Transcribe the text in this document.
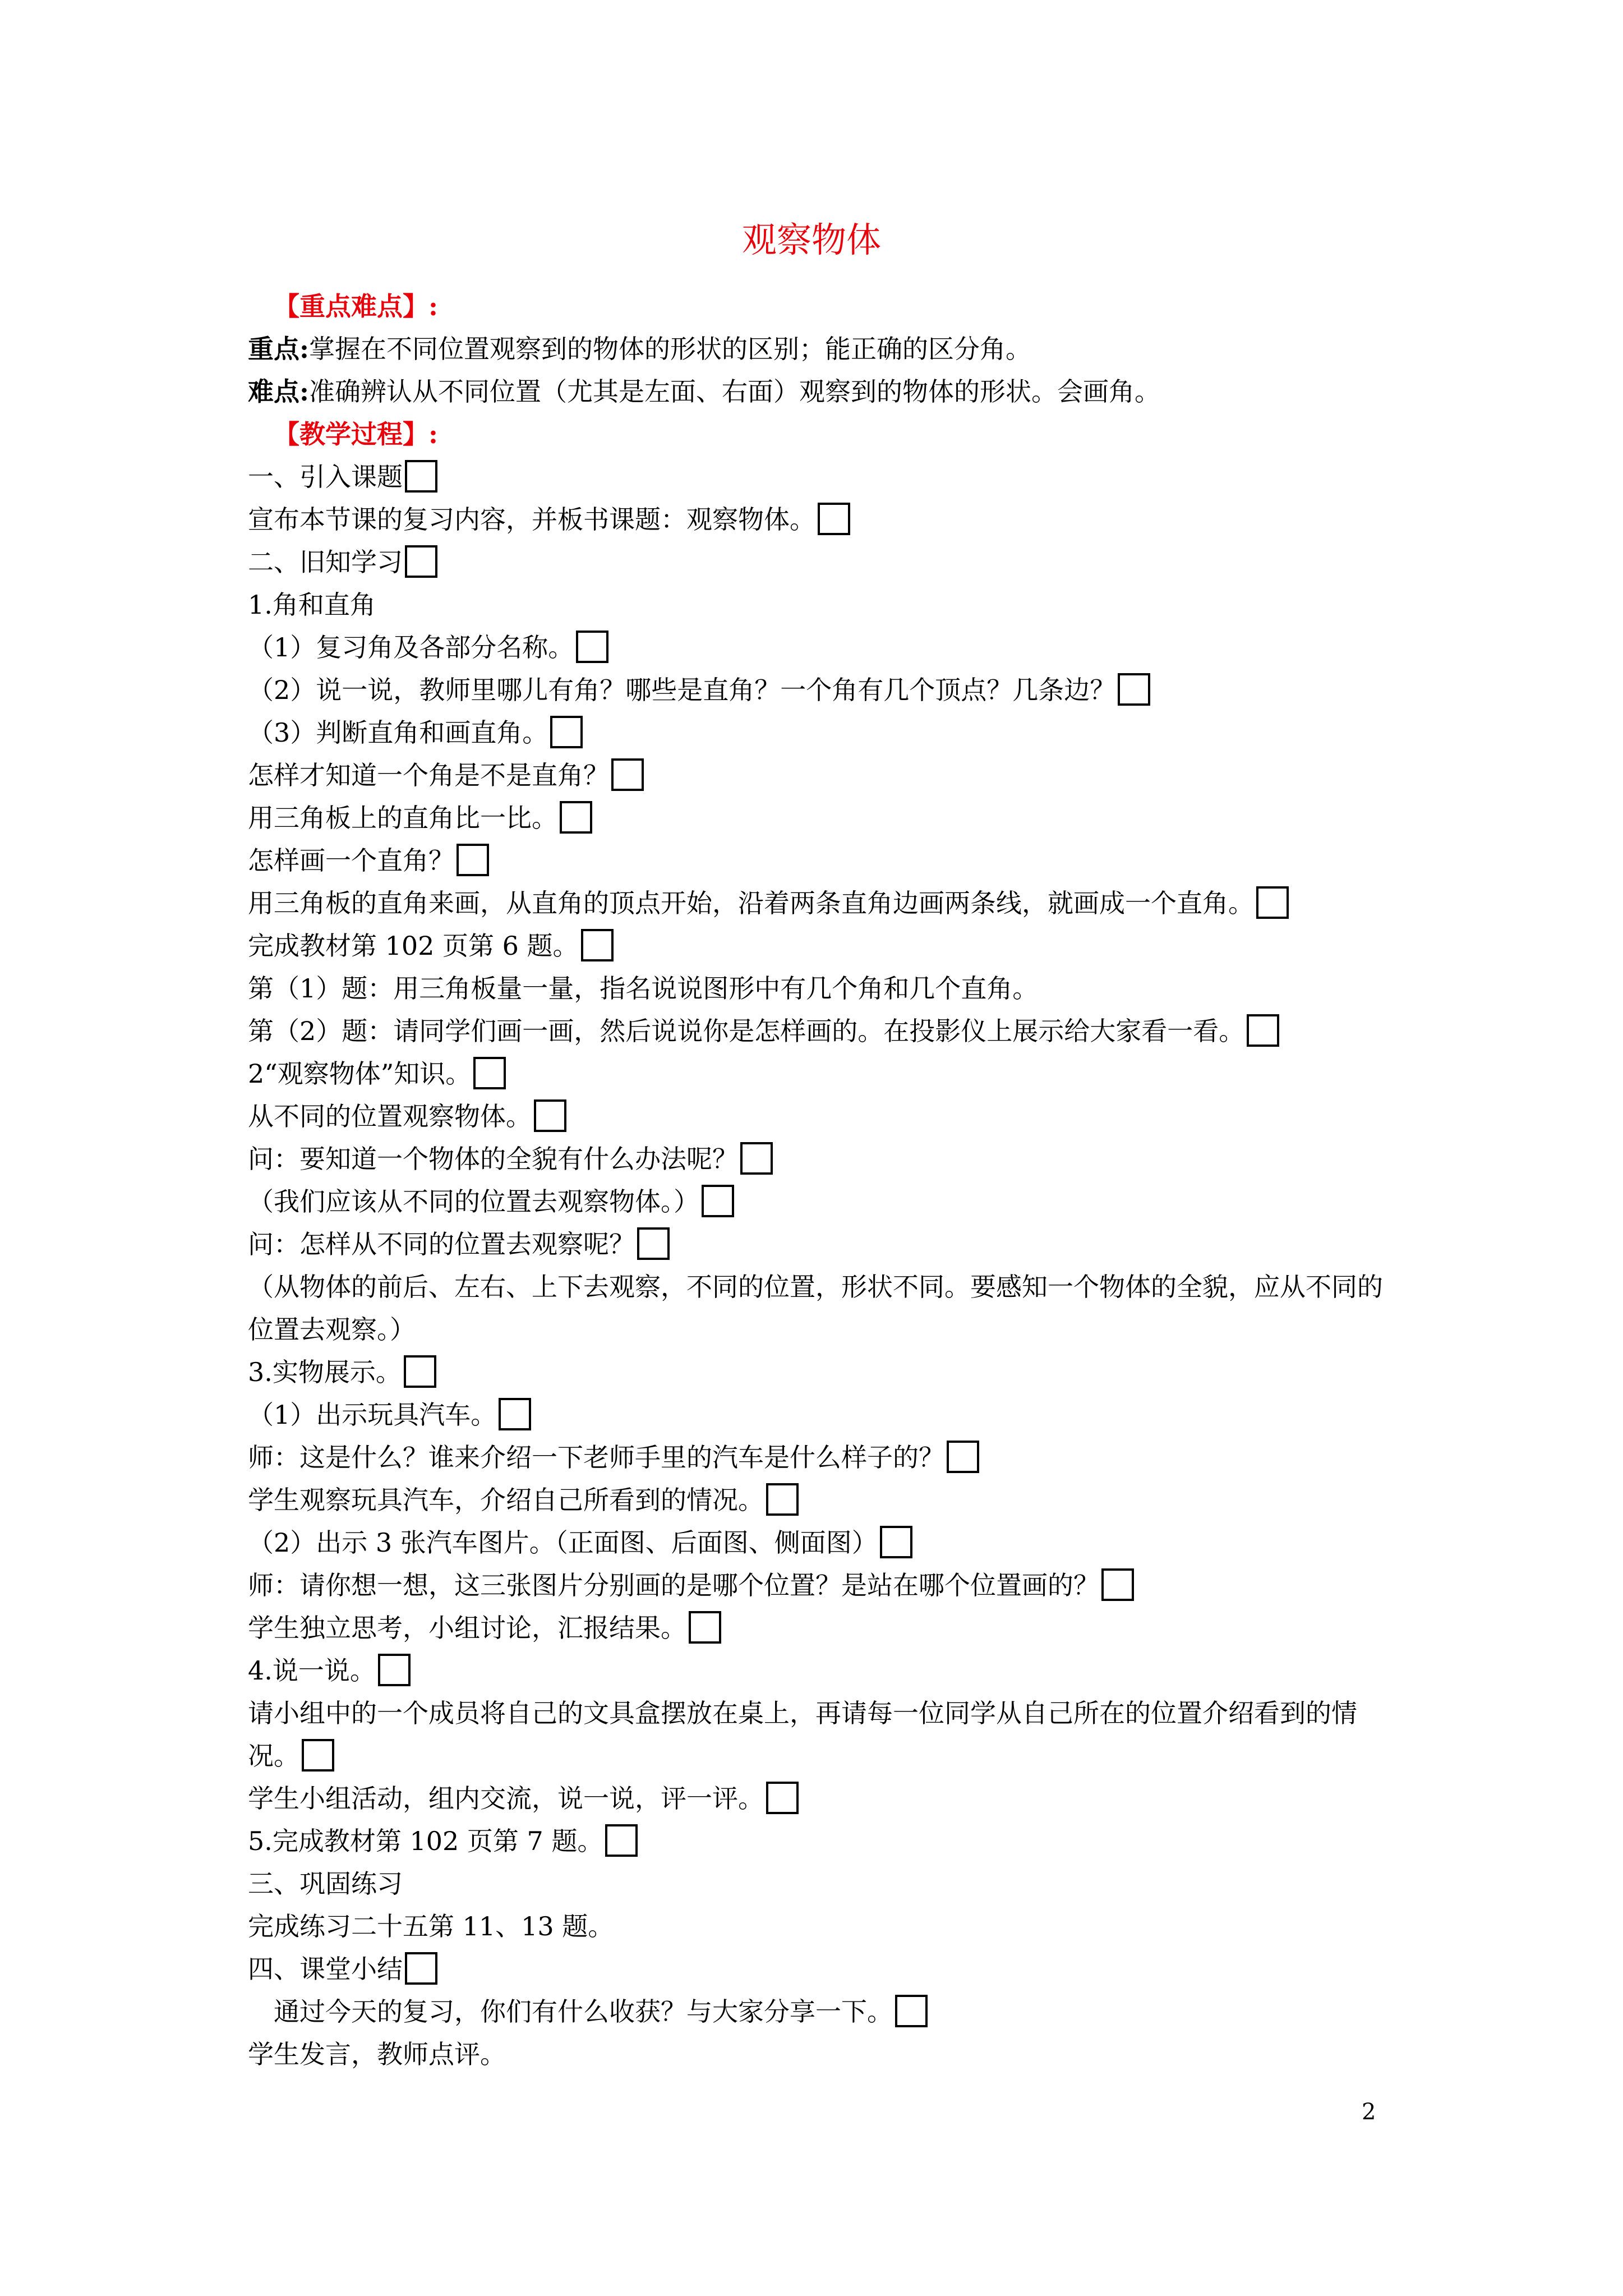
观察物体
【重点难点】:
重点:掌握在不同位置观察到的物体的形状的区别；能正确的区分角。
难点:准确辨认从不同位置（尤其是左面、右面）观察到的物体的形状。会画角。
【教学过程】:
一、引入课题
宣布本节课的复习内容，并板书课题：观察物体。
二、旧知学习
1.角和直角
（1）复习角及各部分名称。
（2）说一说，教师里哪儿有角？哪些是直角？一个角有几个顶点？几条边？
（3）判断直角和画直角。
怎样才知道一个角是不是直角？
用三角板上的直角比一比。
怎样画一个直角？
用三角板的直角来画，从直角的顶点开始，沿着两条直角边画两条线，就画成一个直角。
完成教材第 102 页第 6 题。
第（1）题：用三角板量一量，指名说说图形中有几个角和几个直角。
第（2）题：请同学们画一画，然后说说你是怎样画的。在投影仪上展示给大家看一看。
2“观察物体”知识。
从不同的位置观察物体。
问：要知道一个物体的全貌有什么办法呢？
（我们应该从不同的位置去观察物体。）
问：怎样从不同的位置去观察呢？
（从物体的前后、左右、上下去观察，不同的位置，形状不同。要感知一个物体的全貌，应从不同的位置去观察。）
3.实物展示。
（1）出示玩具汽车。
师：这是什么？谁来介绍一下老师手里的汽车是什么样子的？
学生观察玩具汽车，介绍自己所看到的情况。
（2）出示 3 张汽车图片。（正面图、后面图、侧面图）
师：请你想一想，这三张图片分别画的是哪个位置？是站在哪个位置画的？
学生独立思考，小组讨论，汇报结果。
4.说一说。
请小组中的一个成员将自己的文具盒摆放在桌上，再请每一位同学从自己所在的位置介绍看到的情况。
学生小组活动，组内交流，说一说，评一评。
5.完成教材第 102 页第 7 题。
三、巩固练习
完成练习二十五第 11、13 题。
四、课堂小结
通过今天的复习，你们有什么收获？与大家分享一下。
学生发言，教师点评。
2
